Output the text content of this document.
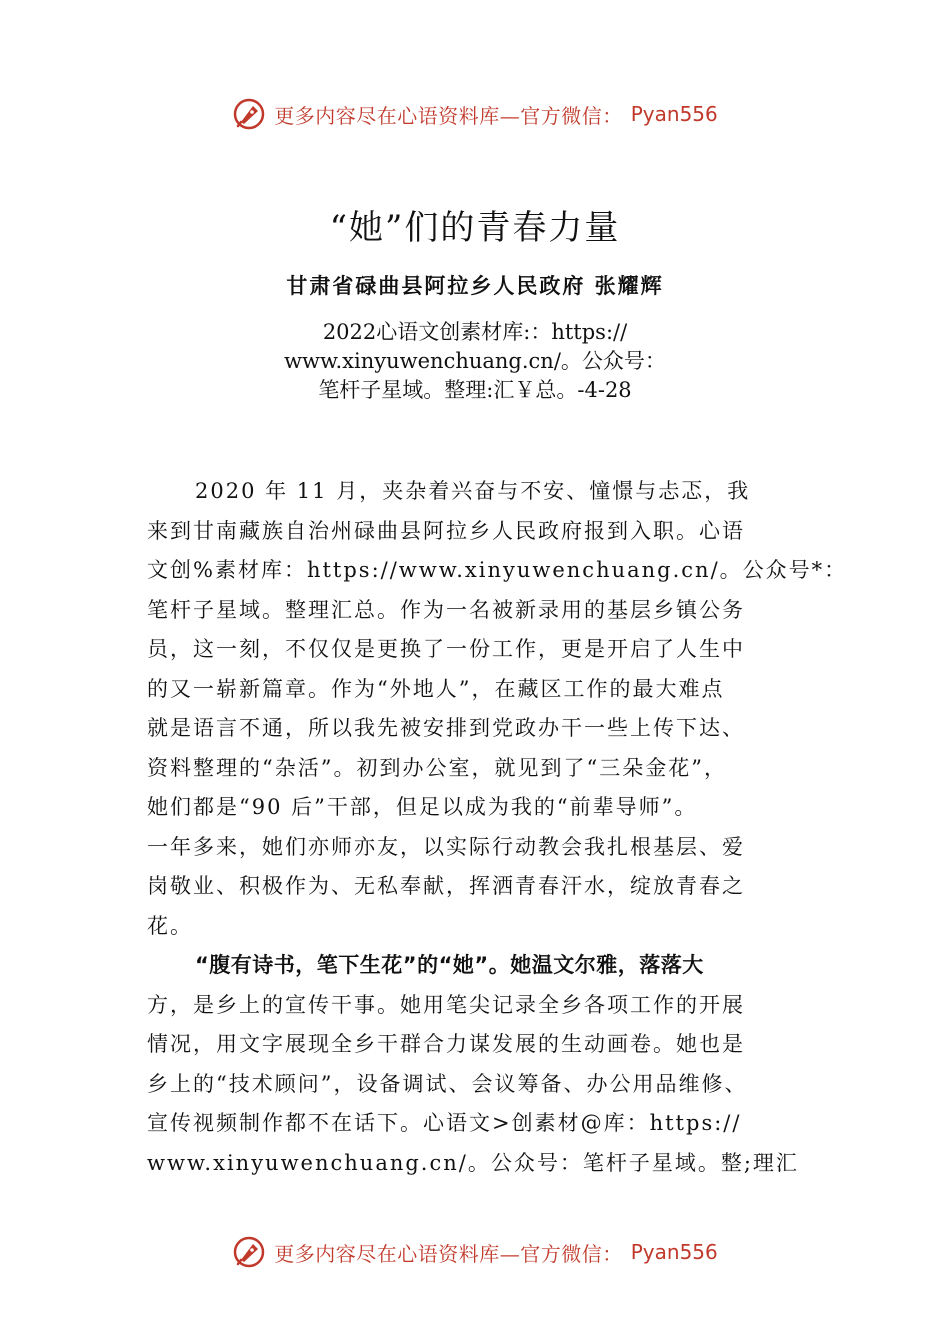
更多内容尽在心语资料库—官方微信： Pyan556
“她”们的青春力量

甘肃省碌曲县阿拉乡人民政府 张耀辉

2022心语文创素材库:：https://
www.xinyuwenchuang.cn/。公众号：
笔杆子星域。整理:汇￥总。-4-28

2020 年 11 月，夹杂着兴奋与不安、憧憬与忐忑，我
来到甘南藏族自治州碌曲县阿拉乡人民政府报到入职。心语
文创%素材库：https://www.xinyuwenchuang.cn/。公众号*：
笔杆子星域。整理汇总。作为一名被新录用的基层乡镇公务
员，这一刻，不仅仅是更换了一份工作，更是开启了人生中
的又一崭新篇章。作为“外地人”，在藏区工作的最大难点
就是语言不通，所以我先被安排到党政办干一些上传下达、
资料整理的“杂活”。初到办公室，就见到了“三朵金花”，
她们都是“90 后”干部，但足以成为我的“前辈导师”。
一年多来，她们亦师亦友，以实际行动教会我扎根基层、爱
岗敬业、积极作为、无私奉献，挥洒青春汗水，绽放青春之
花。
“腹有诗书，笔下生花”的“她”。她温文尔雅，落落大
方，是乡上的宣传干事。她用笔尖记录全乡各项工作的开展
情况，用文字展现全乡干群合力谋发展的生动画卷。她也是
乡上的“技术顾问”，设备调试、会议筹备、办公用品维修、
宣传视频制作都不在话下。心语文>创素材@库：https://
www.xinyuwenchuang.cn/。公众号：笔杆子星域。整;理汇
更多内容尽在心语资料库—官方微信： Pyan556
